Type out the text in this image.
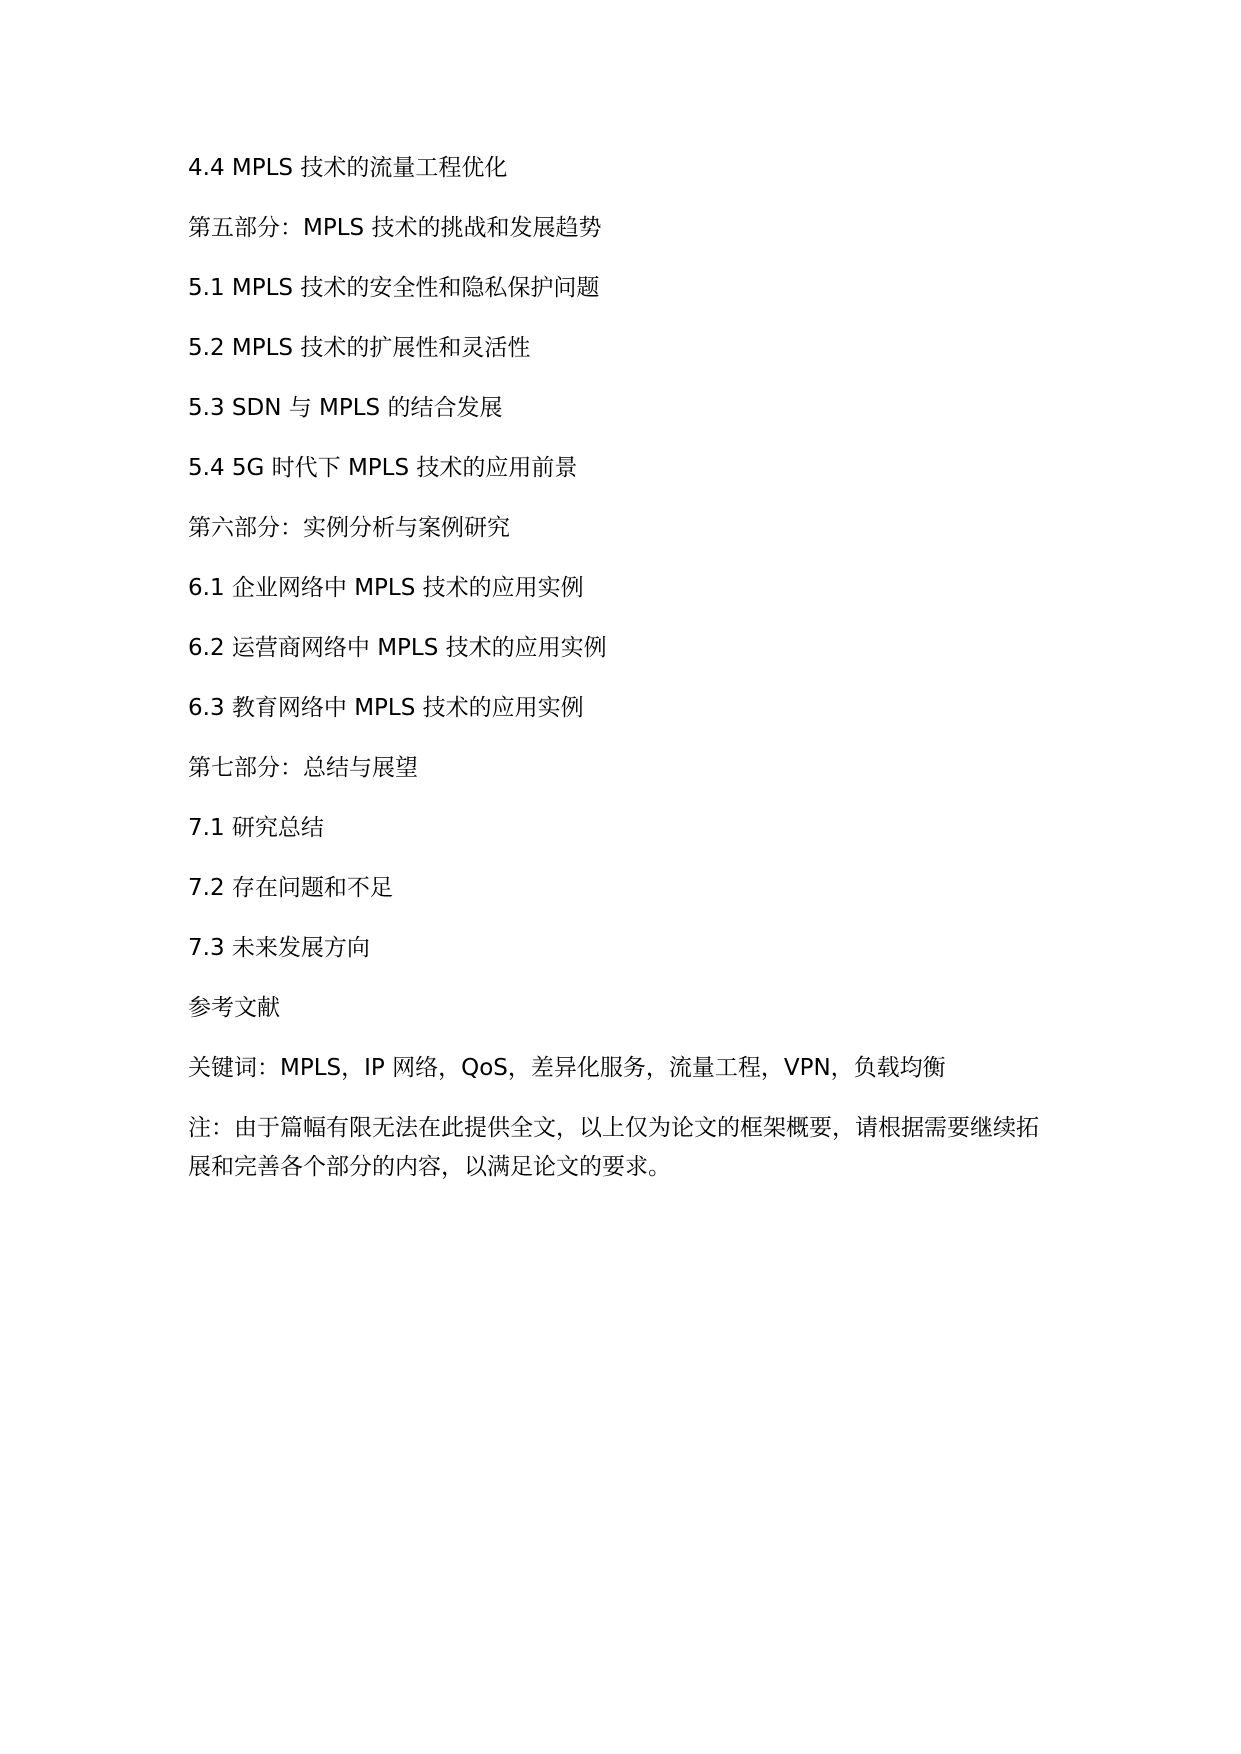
4.4 MPLS 技术的流量工程优化
第五部分：MPLS 技术的挑战和发展趋势
5.1 MPLS 技术的安全性和隐私保护问题
5.2 MPLS 技术的扩展性和灵活性
5.3 SDN 与 MPLS 的结合发展
5.4 5G 时代下 MPLS 技术的应用前景
第六部分：实例分析与案例研究
6.1 企业网络中 MPLS 技术的应用实例
6.2 运营商网络中 MPLS 技术的应用实例
6.3 教育网络中 MPLS 技术的应用实例
第七部分：总结与展望
7.1 研究总结
7.2 存在问题和不足
7.3 未来发展方向
参考文献
关键词：MPLS，IP 网络，QoS，差异化服务，流量工程，VPN，负载均衡
注：由于篇幅有限无法在此提供全文，以上仅为论文的框架概要，请根据需要继续拓
展和完善各个部分的内容，以满足论文的要求。
